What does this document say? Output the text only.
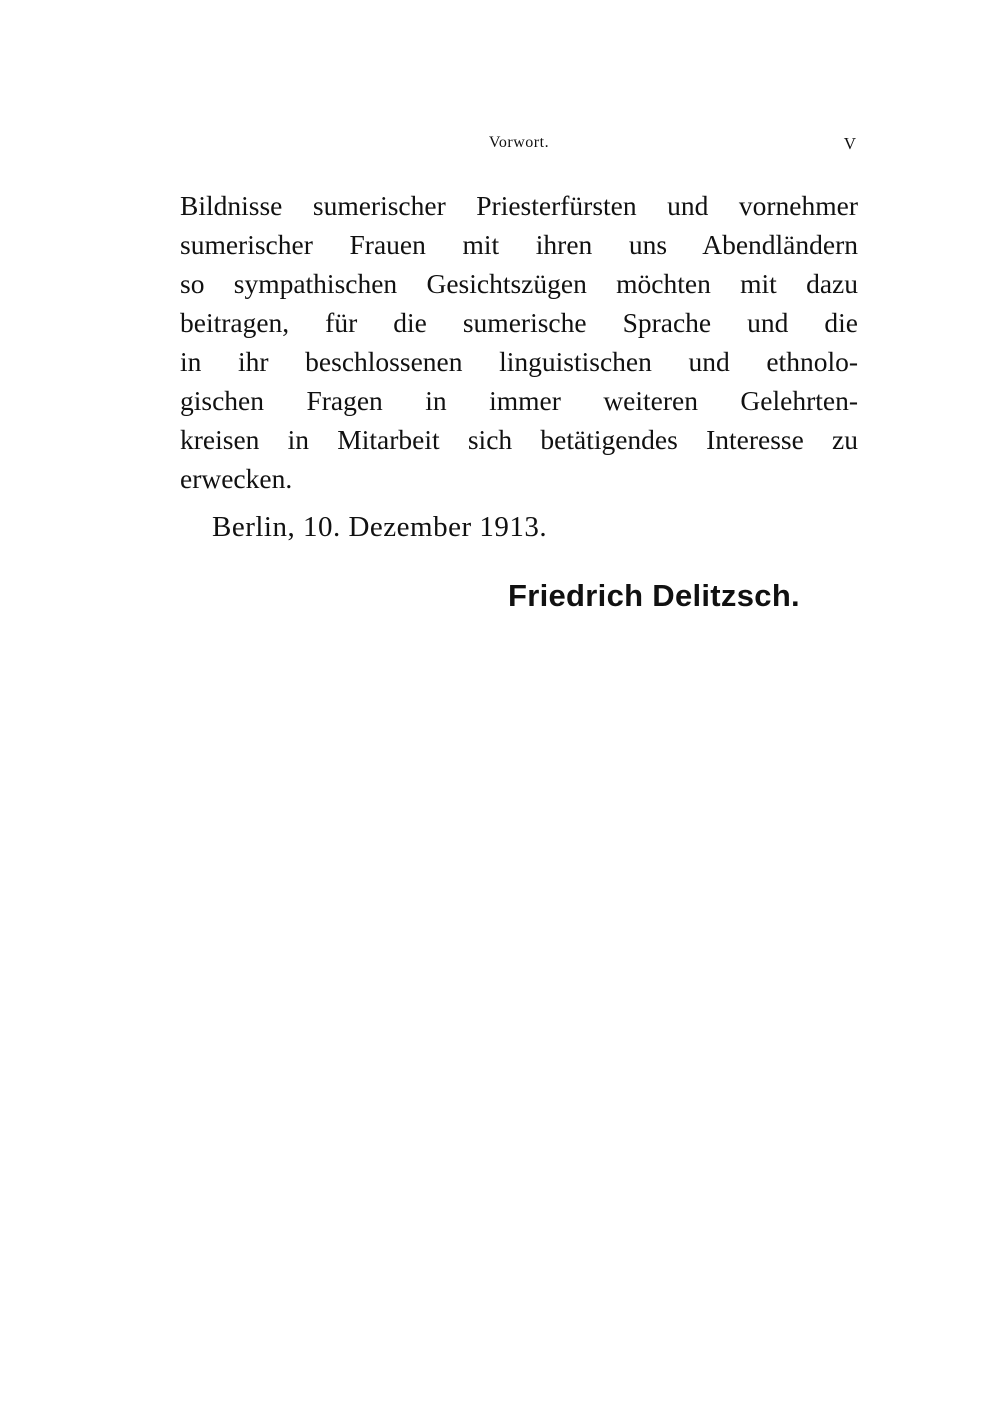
Vorwort.	V

Bildnisse sumerischer Priesterfürsten und vornehmer
sumerischer Frauen mit ihren uns Abendländern
so sympathischen Gesichtszügen möchten mit dazu
beitragen, für die sumerische Sprache und die
in ihr beschlossenen linguistischen und ethnolo-
gischen Fragen in immer weiteren Gelehrten-
kreisen in Mitarbeit sich betätigendes Interesse zu
erwecken.

Berlin, 10. Dezember 1913.
Friedrich Delitzsch.
